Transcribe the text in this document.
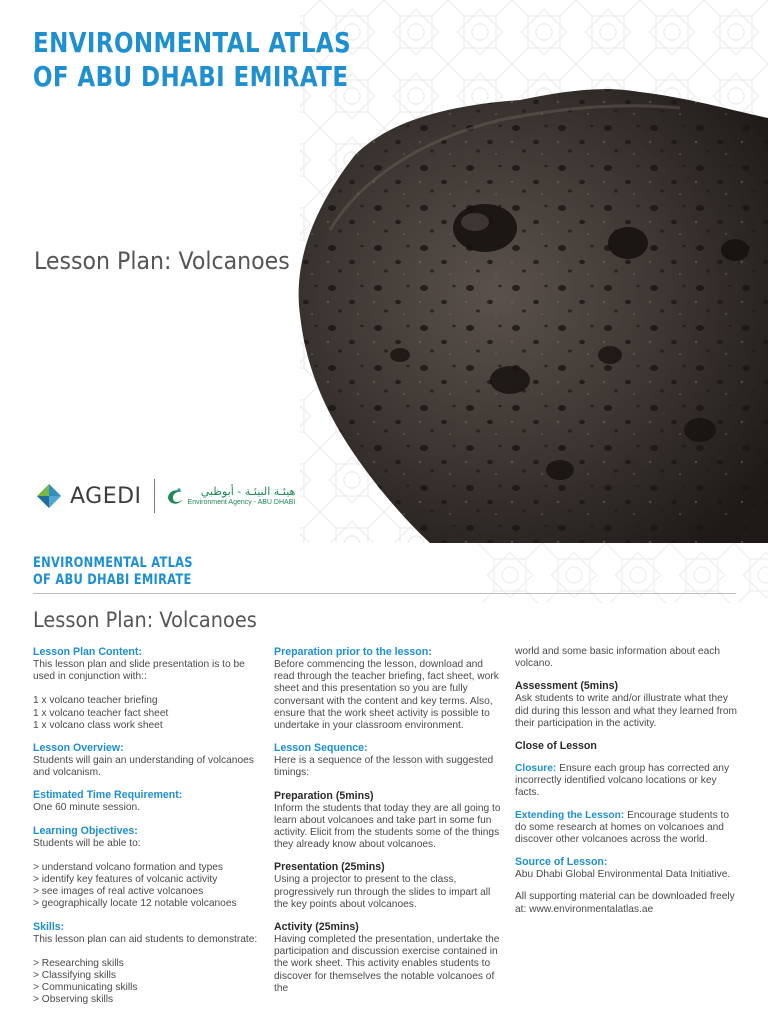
ENVIRONMENTAL ATLAS
OF ABU DHABI EMIRATE
Lesson Plan: Volcanoes
AGEDI	هيئـة البيئـة - أبوظبي
Environment Agency - ABU DHABI
ENVIRONMENTAL ATLAS
OF ABU DHABI EMIRATE
Lesson Plan: Volcanoes
Lesson Plan Content:
This lesson plan and slide presentation is to be used in conjunction with::
1 x volcano teacher briefing
1 x volcano teacher fact sheet
1 x volcano class work sheet
Lesson Overview:
Students will gain an understanding of volcanoes and volcanism.
Estimated Time Requirement:
One 60 minute session.
Learning Objectives:
Students will be able to:
> understand volcano formation and types
> identify key features of volcanic activity
> see images of real active volcanoes
> geographically locate 12 notable volcanoes
Skills:
This lesson plan can aid students to demonstrate:
> Researching skills
> Classifying skills
> Communicating skills
> Observing skills
Preparation prior to the lesson:
Before commencing the lesson, download and read through the teacher briefing, fact sheet, work sheet and this presentation so you are fully conversant with the content and key terms. Also, ensure that the work sheet activity is possible to undertake in your classroom environment.
Lesson Sequence:
Here is a sequence of the lesson with suggested timings:
Preparation (5mins)
Inform the students that today they are all going to learn about volcanoes and take part in some fun activity. Elicit from the students some of the things they already know about volcanoes.
Presentation (25mins)
Using a projector to present to the class, progressively run through the slides to impart all the key points about volcanoes.
Activity (25mins)
Having completed the presentation, undertake the participation and discussion exercise contained in the work sheet. This activity enables students to discover for themselves the notable volcanoes of the
world and some basic information about each volcano.
Assessment (5mins)
Ask students to write and/or illustrate what they did during this lesson and what they learned from their participation in the activity.
Close of Lesson
Closure: Ensure each group has corrected any incorrectly identified volcano locations or key facts.
Extending the Lesson: Encourage students to do some research at homes on volcanoes and discover other volcanoes across the world.
Source of Lesson:
Abu Dhabi Global Environmental Data Initiative.
All supporting material can be downloaded freely at: www.environmentalatlas.ae
